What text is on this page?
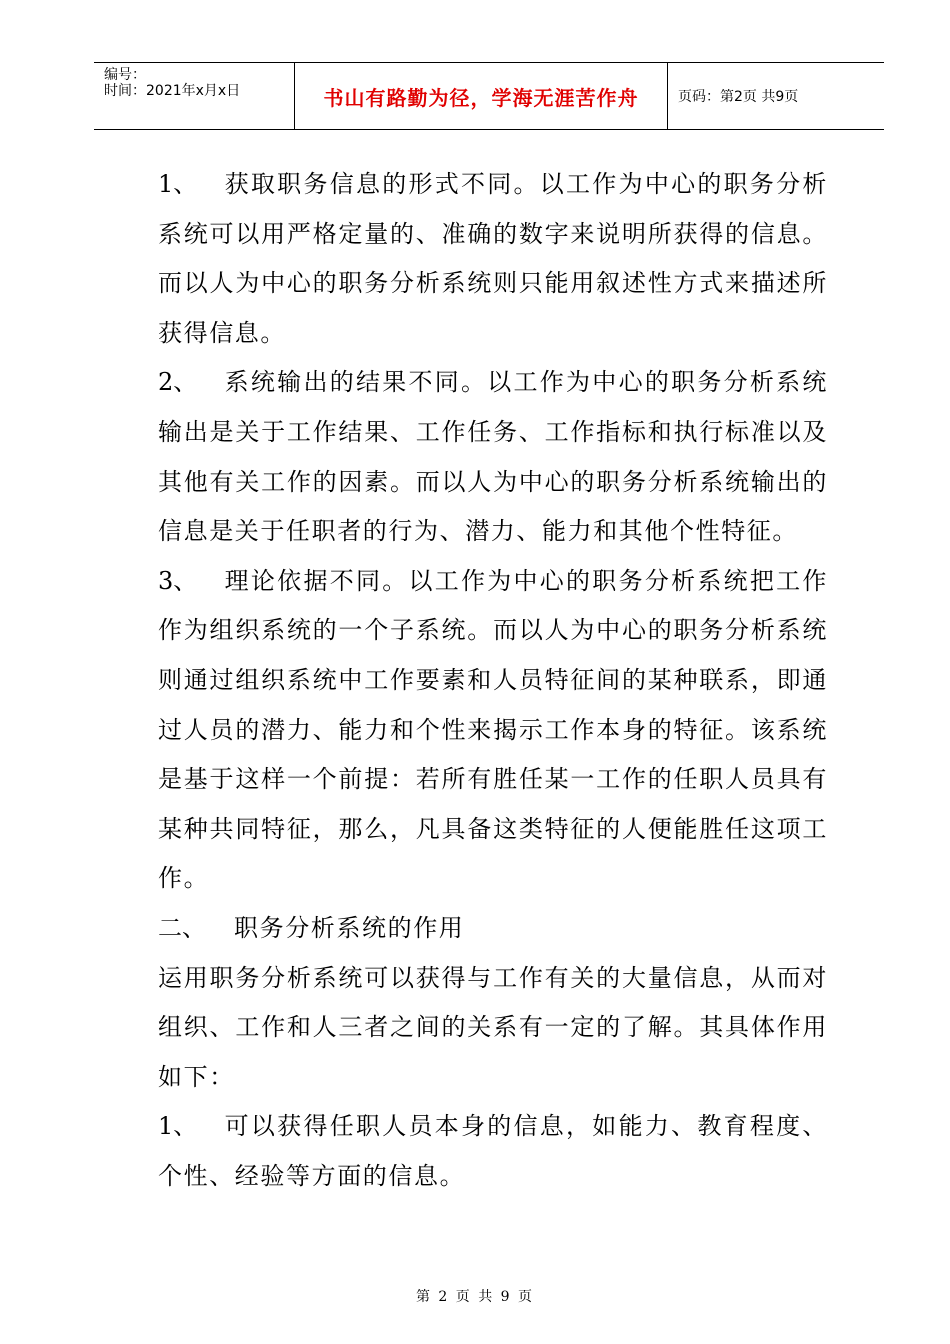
编号：
时间：2021年x月x日	书山有路勤为径，学海无涯苦作舟	页码：第2页 共9页

1、 获取职务信息的形式不同。以工作为中心的职务分析系统可以用严格定量的、准确的数字来说明所获得的信息。而以人为中心的职务分析系统则只能用叙述性方式来描述所获得信息。

2、 系统输出的结果不同。以工作为中心的职务分析系统输出是关于工作结果、工作任务、工作指标和执行标准以及其他有关工作的因素。而以人为中心的职务分析系统输出的信息是关于任职者的行为、潜力、能力和其他个性特征。

3、 理论依据不同。以工作为中心的职务分析系统把工作作为组织系统的一个子系统。而以人为中心的职务分析系统则通过组织系统中工作要素和人员特征间的某种联系，即通过人员的潜力、能力和个性来揭示工作本身的特征。该系统是基于这样一个前提：若所有胜任某一工作的任职人员具有某种共同特征，那么，凡具备这类特征的人便能胜任这项工作。

二、 职务分析系统的作用

运用职务分析系统可以获得与工作有关的大量信息，从而对组织、工作和人三者之间的关系有一定的了解。其具体作用如下：

1、 可以获得任职人员本身的信息，如能力、教育程度、个性、经验等方面的信息。

第 2 页 共 9 页
